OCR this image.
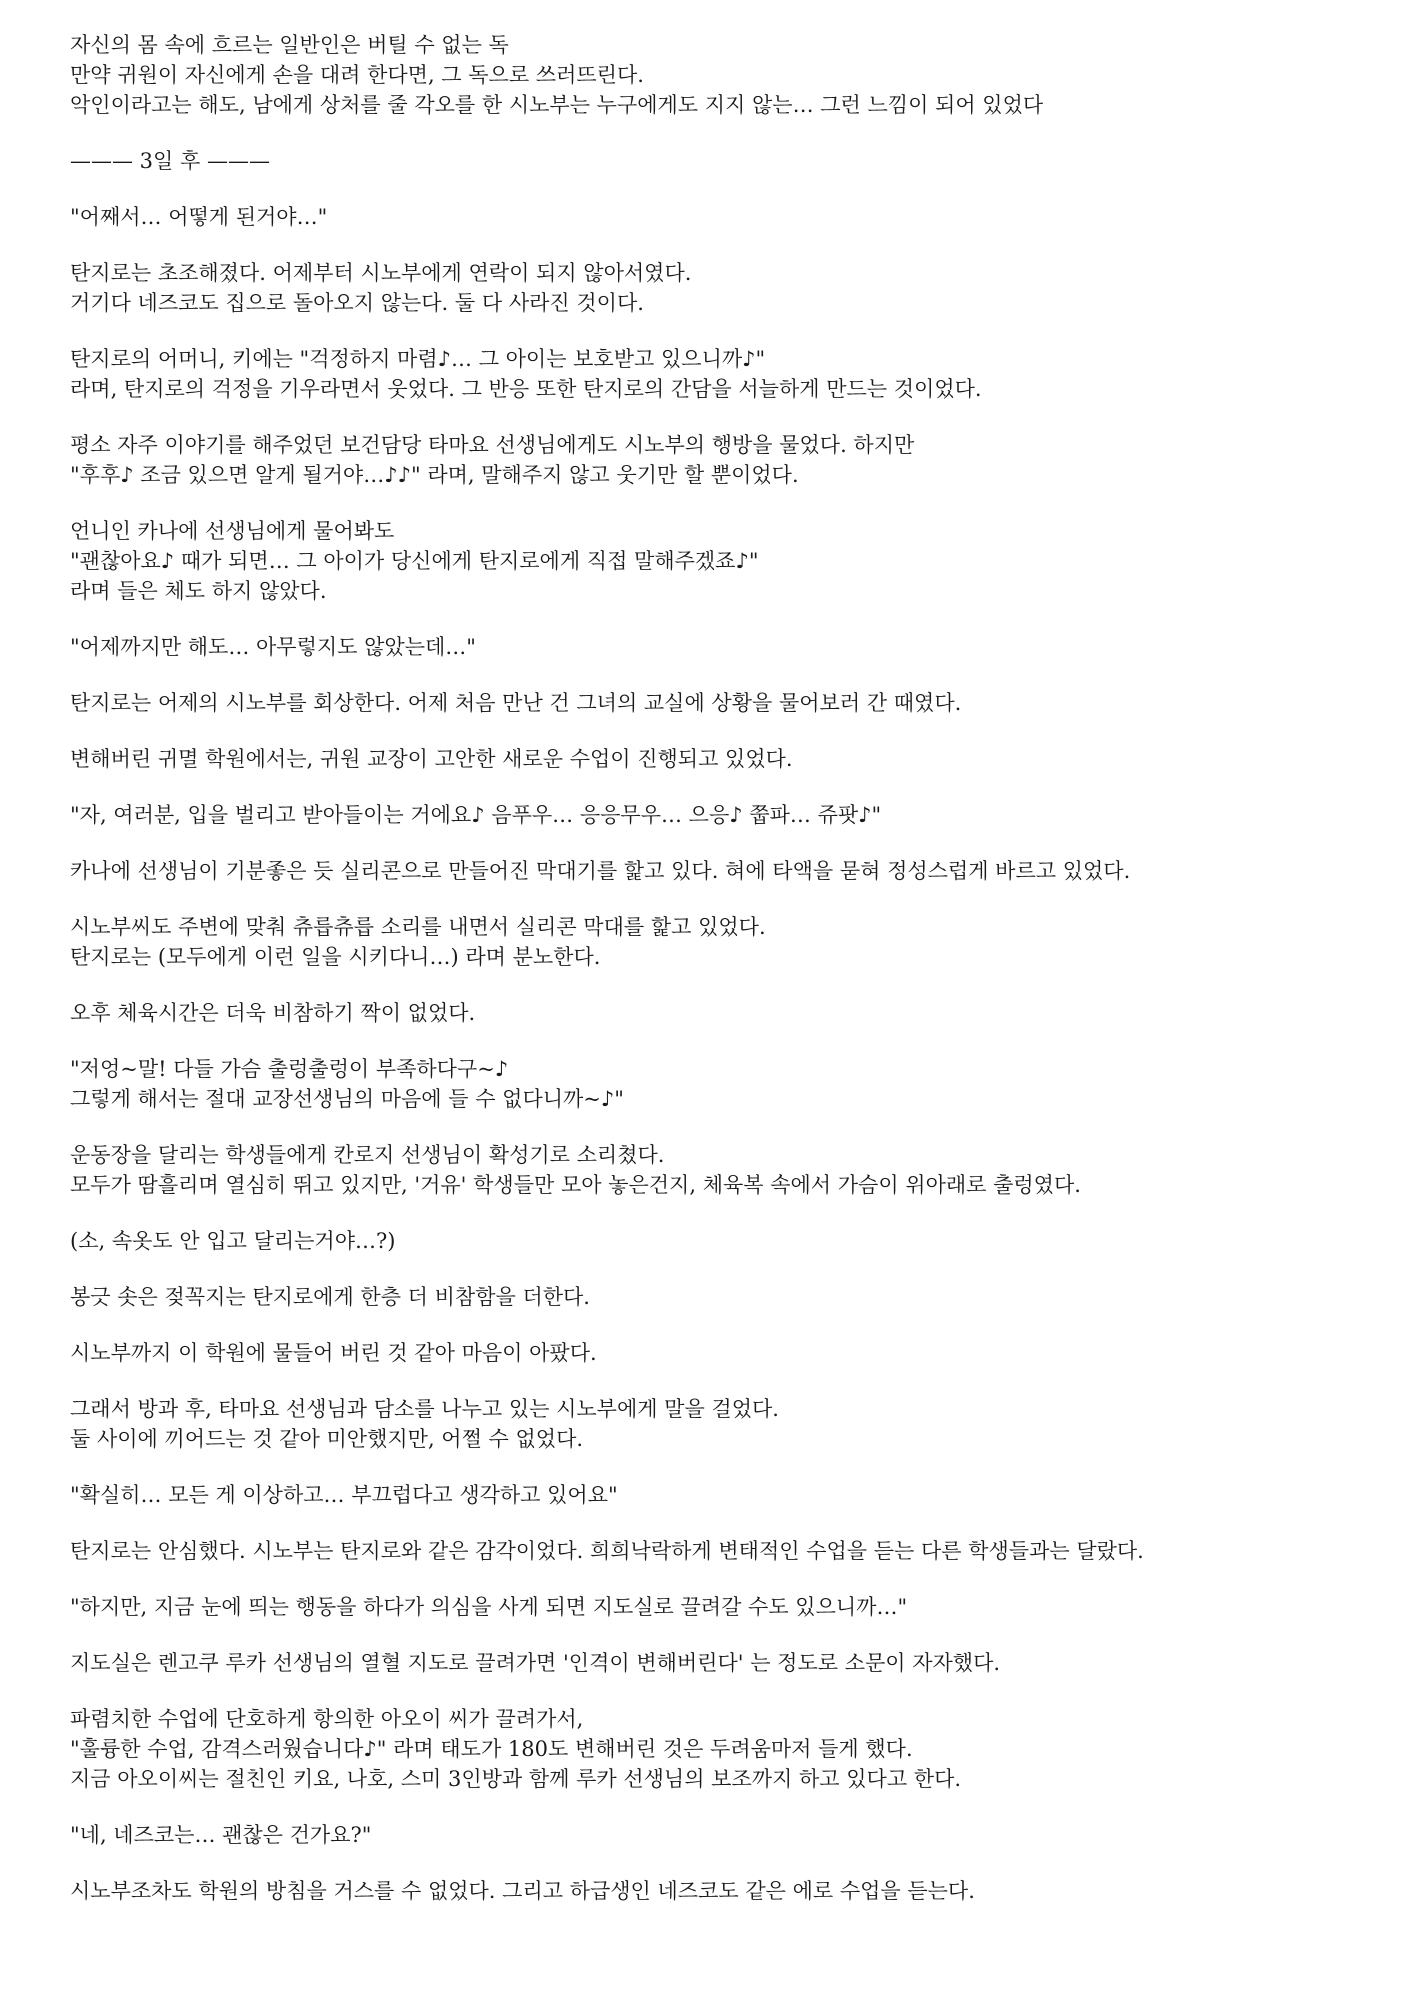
자신의 몸 속에 흐르는 일반인은 버틸 수 없는 독
만약 귀원이 자신에게 손을 대려 한다면, 그 독으로 쓰러뜨린다.
악인이라고는 해도, 남에게 상처를 줄 각오를 한 시노부는 누구에게도 지지 않는… 그런 느낌이 되어 있었다
——— 3일 후 ———
"어째서… 어떻게 된거야…"
탄지로는 초조해졌다. 어제부터 시노부에게 연락이 되지 않아서였다.
거기다 네즈코도 집으로 돌아오지 않는다. 둘 다 사라진 것이다.
탄지로의 어머니, 키에는 "걱정하지 마렴♪… 그 아이는 보호받고 있으니까♪"
라며, 탄지로의 걱정을 기우라면서 웃었다. 그 반응 또한 탄지로의 간담을 서늘하게 만드는 것이었다.
평소 자주 이야기를 해주었던 보건담당 타마요 선생님에게도 시노부의 행방을 물었다. 하지만
"후후♪ 조금 있으면 알게 될거야…♪♪" 라며, 말해주지 않고 웃기만 할 뿐이었다.
언니인 카나에 선생님에게 물어봐도
"괜찮아요♪ 때가 되면… 그 아이가 당신에게 탄지로에게 직접 말해주겠죠♪"
라며 들은 체도 하지 않았다.
"어제까지만 해도… 아무렇지도 않았는데…"
탄지로는 어제의 시노부를 회상한다. 어제 처음 만난 건 그녀의 교실에 상황을 물어보러 간 때였다.
변해버린 귀멸 학원에서는, 귀원 교장이 고안한 새로운 수업이 진행되고 있었다.
"자, 여러분, 입을 벌리고 받아들이는 거에요♪ 음푸우… 응응무우… 으응♪ 쭙파… 쥬팟♪"
카나에 선생님이 기분좋은 듯 실리콘으로 만들어진 막대기를 핥고 있다. 혀에 타액을 묻혀 정성스럽게 바르고 있었다.
시노부씨도 주변에 맞춰 츄릅츄릅 소리를 내면서 실리콘 막대를 핥고 있었다.
탄지로는 (모두에게 이런 일을 시키다니…) 라며 분노한다.
오후 체육시간은 더욱 비참하기 짝이 없었다.
"저엉~말! 다들 가슴 출렁출렁이 부족하다구~♪
그렇게 해서는 절대 교장선생님의 마음에 들 수 없다니까~♪"
운동장을 달리는 학생들에게 칸로지 선생님이 확성기로 소리쳤다.
모두가 땀흘리며 열심히 뛰고 있지만, '거유' 학생들만 모아 놓은건지, 체육복 속에서 가슴이 위아래로 출렁였다.
(소, 속옷도 안 입고 달리는거야…?)
봉긋 솟은 젖꼭지는 탄지로에게 한층 더 비참함을 더한다.
시노부까지 이 학원에 물들어 버린 것 같아 마음이 아팠다.
그래서 방과 후, 타마요 선생님과 담소를 나누고 있는 시노부에게 말을 걸었다.
둘 사이에 끼어드는 것 같아 미안했지만, 어쩔 수 없었다.
"확실히… 모든 게 이상하고… 부끄럽다고 생각하고 있어요"
탄지로는 안심했다. 시노부는 탄지로와 같은 감각이었다. 희희낙락하게 변태적인 수업을 듣는 다른 학생들과는 달랐다.
"하지만, 지금 눈에 띄는 행동을 하다가 의심을 사게 되면 지도실로 끌려갈 수도 있으니까…"
지도실은 렌고쿠 루카 선생님의 열혈 지도로 끌려가면 '인격이 변해버린다' 는 정도로 소문이 자자했다.
파렴치한 수업에 단호하게 항의한 아오이 씨가 끌려가서,
"훌륭한 수업, 감격스러웠습니다♪" 라며 태도가 180도 변해버린 것은 두려움마저 들게 했다.
지금 아오이씨는 절친인 키요, 나호, 스미 3인방과 함께 루카 선생님의 보조까지 하고 있다고 한다.
"네, 네즈코는… 괜찮은 건가요?"
시노부조차도 학원의 방침을 거스를 수 없었다. 그리고 하급생인 네즈코도 같은 에로 수업을 듣는다.
